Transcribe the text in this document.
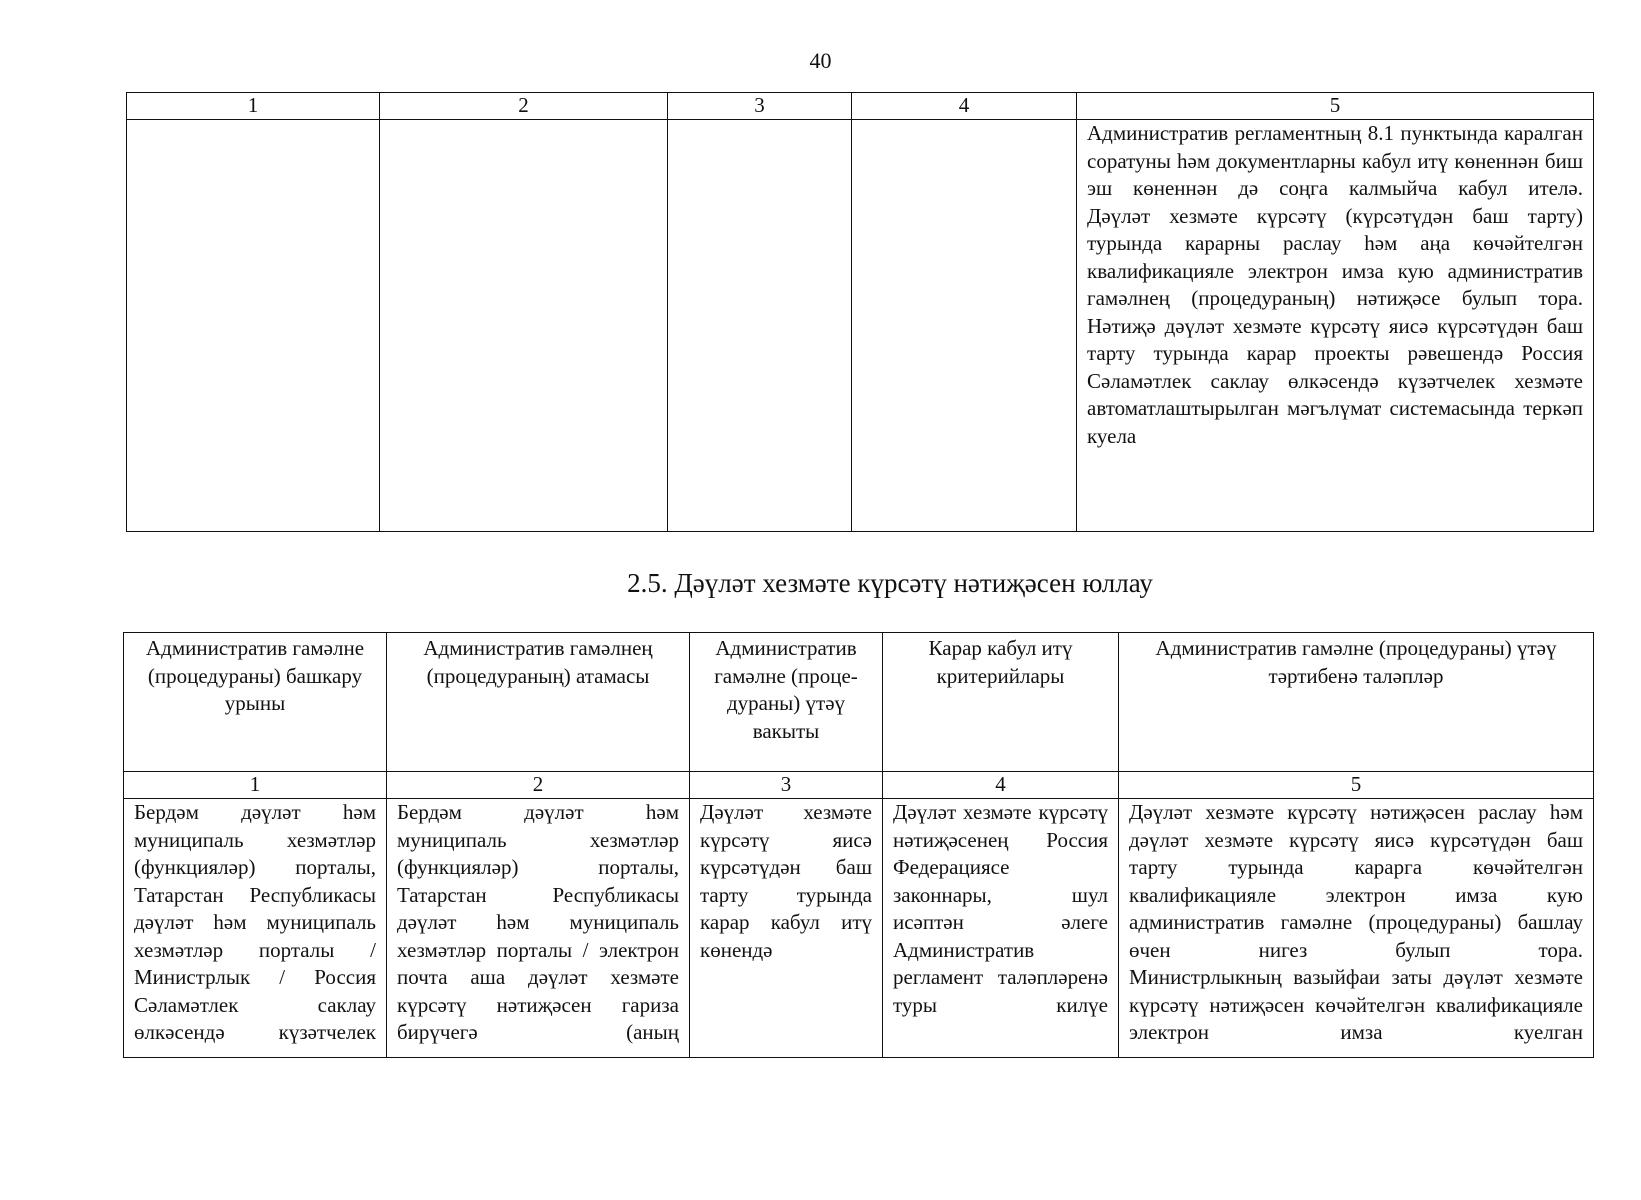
40
1	2	3	4	5

				Административ регламентның 8.1 пунктында каралган соратуны һәм документларны кабул итү көненнән биш эш көненнән дә соңга калмыйча кабул ителә.

Дәүләт хезмәте күрсәтү (күрсәтүдән баш тарту) турында карарны раслау һәм аңа көчәйтелгән квалификацияле электрон имза кую административ гамәлнең (процедураның) нәтиҗәсе булып тора.

Нәтиҗә дәүләт хезмәте күрсәтү яисә күрсәтүдән баш тарту турында карар проекты рәвешендә Россия Сәламәтлек саклау өлкәсендә күзәтчелек хезмәте автоматлаштырылган мәгълүмат системасында теркәп куела

2.5. Дәүләт хезмәте күрсәтү нәтиҗәсен юллау
Административ гамәлне (процедураны) башкару урыны	Административ гамәлнең (процедураның) атамасы	Административ гамәлне (проце-дураны) үтәү вакыты	Карар кабул итү критерийлары	Административ гамәлне (процедураны) үтәү тәртибенә таләпләр
1	2	3	4	5
Бердәм дәүләт һәм муниципаль хезмәтләр (функцияләр) порталы, Татарстан Республикасы дәүләт һәм муниципаль хезмәтләр порталы / Министрлык / Россия Сәламәтлек саклау өлкәсендә күзәтчелек	Бердәм дәүләт һәм муниципаль хезмәтләр (функцияләр) порталы, Татарстан Республикасы дәүләт һәм муниципаль хезмәтләр порталы / электрон почта аша дәүләт хезмәте күрсәтү нәтиҗәсен гариза бирүчегә (аның	Дәүләт хезмәте күрсәтү яисә күрсәтүдән баш тарту турында карар кабул итү көнендә	Дәүләт хезмәте күрсәтү нәтиҗәсенең Россия Федерациясе законнары, шул исәптән әлеге Административ регламент таләпләренә туры килүе	Дәүләт хезмәте күрсәтү нәтиҗәсен раслау һәм дәүләт хезмәте күрсәтү яисә күрсәтүдән баш тарту турында карарга көчәйтелгән квалификацияле электрон имза кую административ гамәлне (процедураны) башлау өчен нигез булып тора.

Министрлыкның вазыйфаи заты дәүләт хезмәте күрсәтү нәтиҗәсен көчәйтелгән квалификацияле электрон имза куелган
